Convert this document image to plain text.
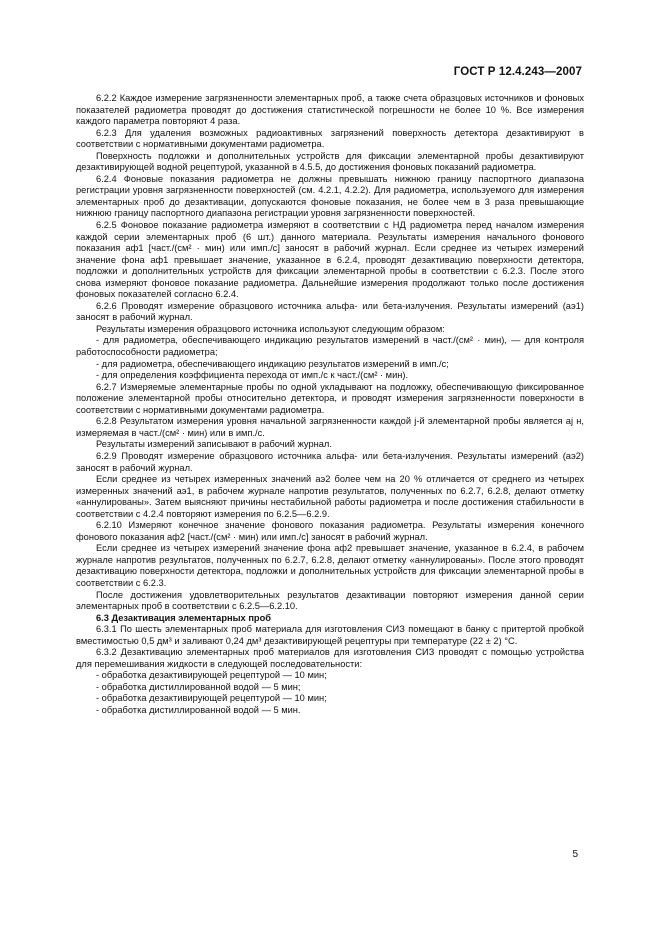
ГОСТ Р 12.4.243—2007

6.2.2 Каждое измерение загрязненности элементарных проб, а также счета образцовых источников и фоновых показателей радиометра проводят до достижения статистической погрешности не более 10 %. Все измерения каждого параметра повторяют 4 раза.

6.2.3 Для удаления возможных радиоактивных загрязнений поверхность детектора дезактивируют в соответствии с нормативными документами радиометра.

Поверхность подложки и дополнительных устройств для фиксации элементарной пробы дезактивируют дезактивирующей водной рецептурой, указанной в 4.5.5, до достижения фоновых показаний радиометра.

6.2.4 Фоновые показания радиометра не должны превышать нижнюю границу паспортного диапазона регистрации уровня загрязненности поверхностей (см. 4.2.1, 4.2.2). Для радиометра, используемого для измерения элементарных проб до дезактивации, допускаются фоновые показания, не более чем в 3 раза превышающие нижнюю границу паспортного диапазона регистрации уровня загрязненности поверхностей.

6.2.5 Фоновое показание радиометра измеряют в соответствии с НД радиометра перед началом измерения каждой серии элементарных проб (6 шт.) данного материала. Результаты измерения начального фонового показания aф1 [част./(см² · мин) или имп./с] заносят в рабочий журнал. Если среднее из четырех измерений значение фона aф1 превышает значение, указанное в 6.2.4, проводят дезактивацию поверхности детектора, подложки и дополнительных устройств для фиксации элементарной пробы в соответствии с 6.2.3. После этого снова измеряют фоновое показание радиометра. Дальнейшие измерения продолжают только после достижения фоновых показателей согласно 6.2.4.

6.2.6 Проводят измерение образцового источника альфа- или бета-излучения. Результаты измерений (aэ1) заносят в рабочий журнал.

Результаты измерения образцового источника используют следующим образом:

- для радиометра, обеспечивающего индикацию результатов измерений в част./(см² · мин), — для контроля работоспособности радиометра;

- для радиометра, обеспечивающего индикацию результатов измерений в имп./с;

- для определения коэффициента перехода от имп./с к част./(см² · мин).

6.2.7 Измеряемые элементарные пробы по одной укладывают на подложку, обеспечивающую фиксированное положение элементарной пробы относительно детектора, и проводят измерения загрязненности поверхности в соответствии с нормативными документами радиометра.

6.2.8 Результатом измерения уровня начальной загрязненности каждой j-й элементарной пробы является aj н, измеряемая в част./(см² · мин) или в имп./с.

Результаты измерений записывают в рабочий журнал.

6.2.9 Проводят измерение образцового источника альфа- или бета-излучения. Результаты измерений (aэ2) заносят в рабочий журнал.

Если среднее из четырех измеренных значений aэ2 более чем на 20 % отличается от среднего из четырех измеренных значений aэ1, в рабочем журнале напротив результатов, полученных по 6.2.7, 6.2.8, делают отметку «аннулированы». Затем выясняют причины нестабильной работы радиометра и после достижения стабильности в соответствии с 4.2.4 повторяют измерения по 6.2.5—6.2.9.

6.2.10 Измеряют конечное значение фонового показания радиометра. Результаты измерения конечного фонового показания aф2 [част./(см² · мин) или имп./с] заносят в рабочий журнал.

Если среднее из четырех измерений значение фона aф2 превышает значение, указанное в 6.2.4, в рабочем журнале напротив результатов, полученных по 6.2.7, 6.2.8, делают отметку «аннулированы». После этого проводят дезактивацию поверхности детектора, подложки и дополнительных устройств для фиксации элементарной пробы в соответствии с 6.2.3.

После достижения удовлетворительных результатов дезактивации повторяют измерения данной серии элементарных проб в соответствии с 6.2.5—6.2.10.

6.3 Дезактивация элементарных проб

6.3.1 По шесть элементарных проб материала для изготовления СИЗ помещают в банку с притертой пробкой вместимостью 0,5 дм³ и заливают 0,24 дм³ дезактивирующей рецептуры при температуре (22 ± 2) °С.

6.3.2 Дезактивацию элементарных проб материалов для изготовления СИЗ проводят с помощью устройства для перемешивания жидкости в следующей последовательности:

- обработка дезактивирующей рецептурой — 10 мин;

- обработка дистиллированной водой — 5 мин;

- обработка дезактивирующей рецептурой — 10 мин;

- обработка дистиллированной водой — 5 мин.

5
